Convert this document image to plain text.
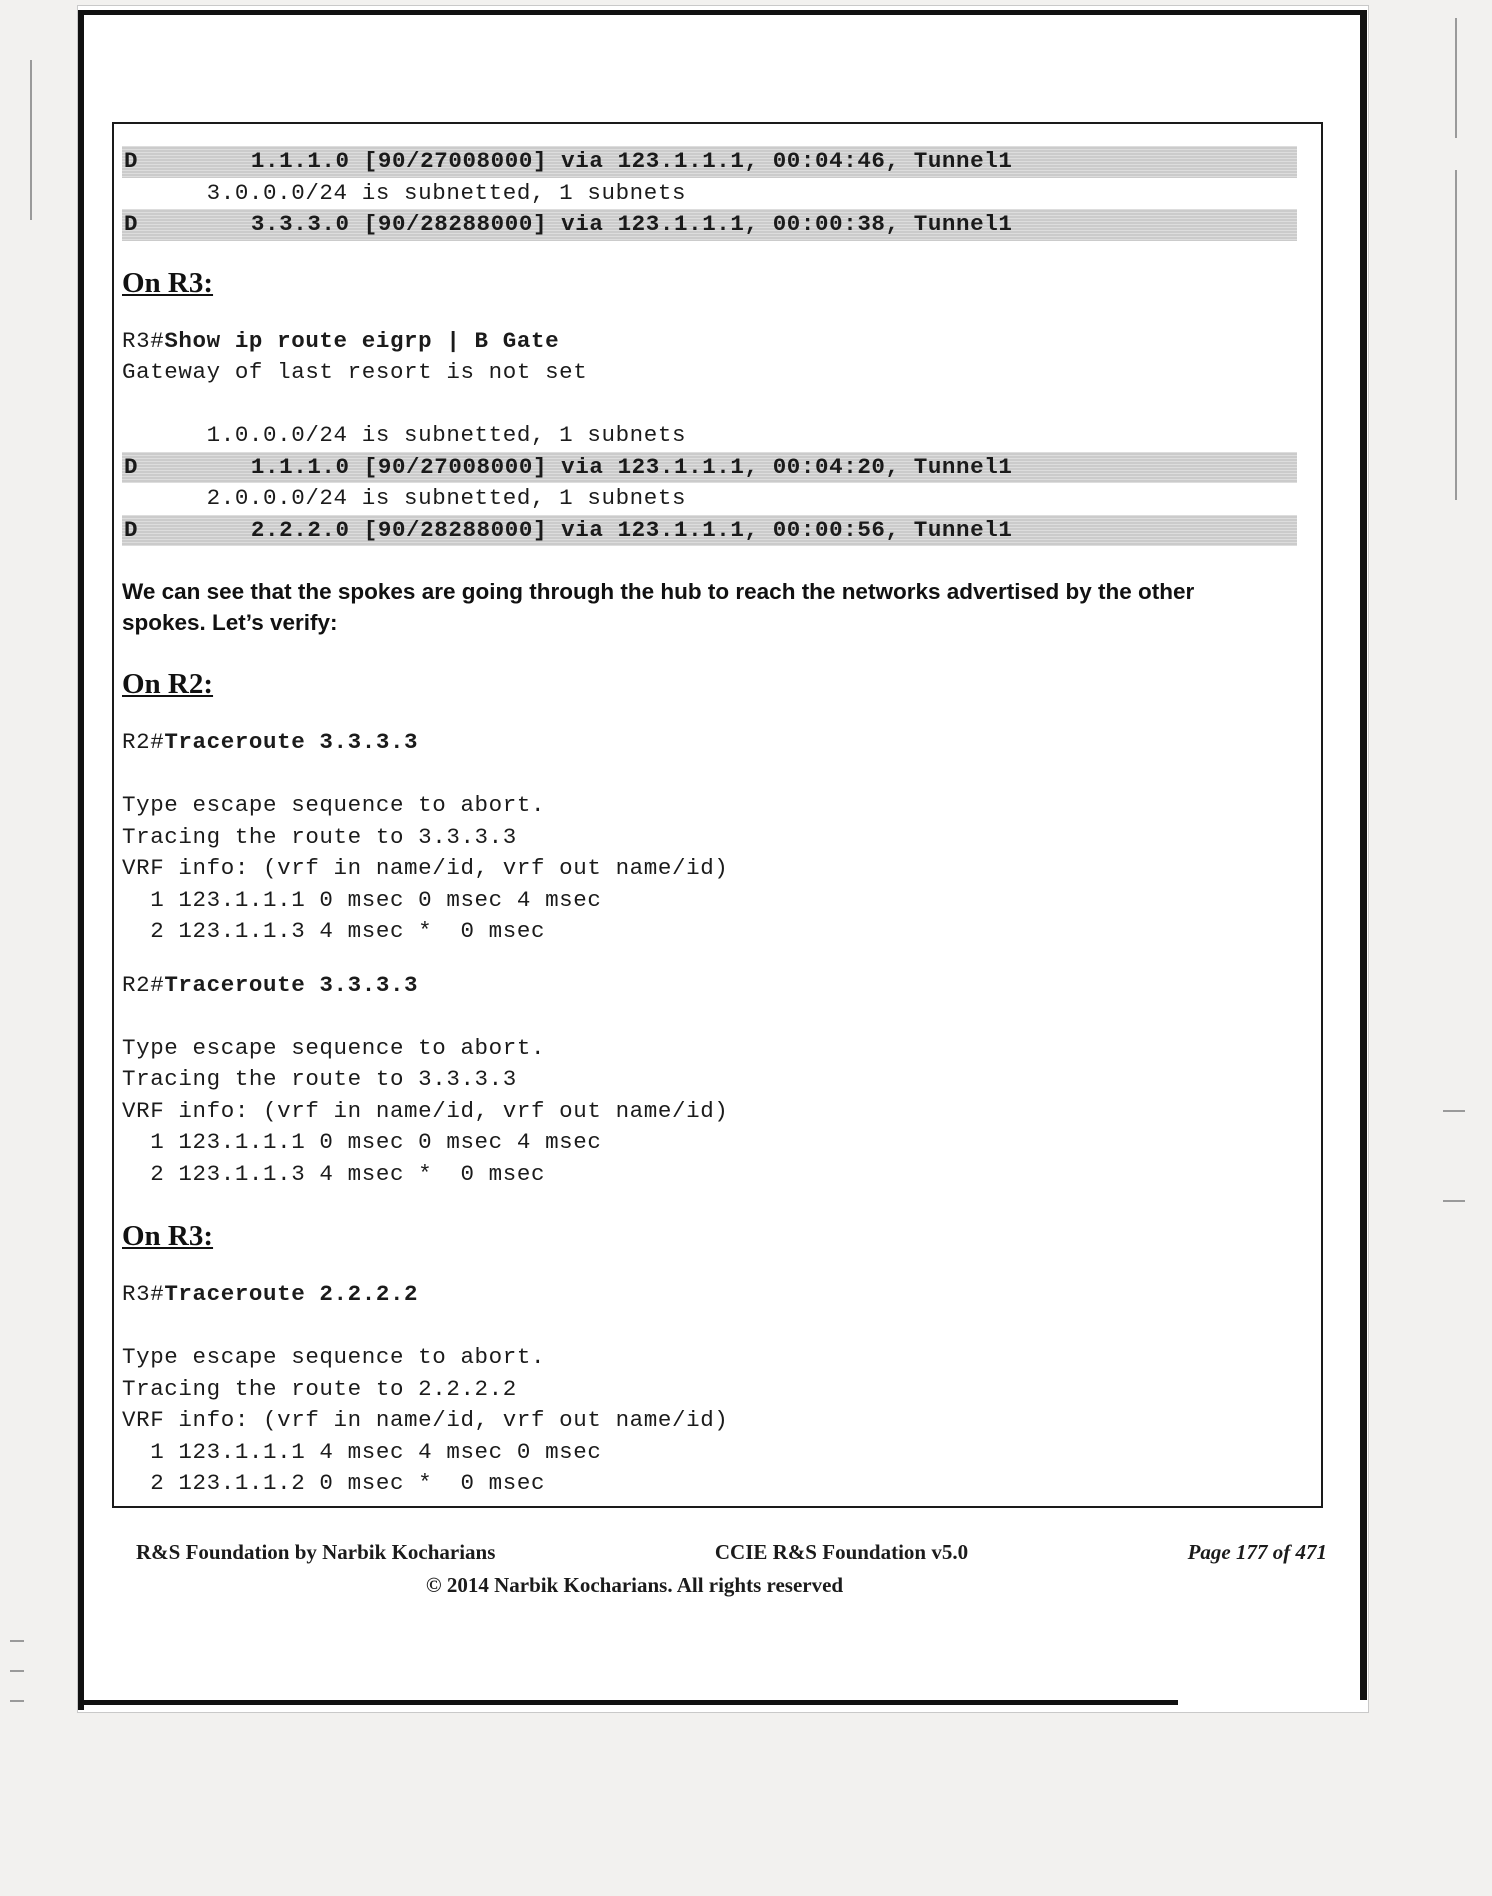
D        1.1.1.0 [90/27008000] via 123.1.1.1, 00:04:46, Tunnel1
3.0.0.0/24 is subnetted, 1 subnets

D        3.3.3.0 [90/28288000] via 123.1.1.1, 00:00:38, Tunnel1
On R3:
R3#Show ip route eigrp | B Gate
Gateway of last resort is not set

1.0.0.0/24 is subnetted, 1 subnets

D        1.1.1.0 [90/27008000] via 123.1.1.1, 00:04:20, Tunnel1
2.0.0.0/24 is subnetted, 1 subnets

D        2.2.2.0 [90/28288000] via 123.1.1.1, 00:00:56, Tunnel1

We can see that the spokes are going through the hub to reach the networks advertised by the other spokes. Let’s verify:

On R2:
R2#Traceroute 3.3.3.3

Type escape sequence to abort.
Tracing the route to 3.3.3.3
VRF info: (vrf in name/id, vrf out name/id)
1 123.1.1.1 0 msec 0 msec 4 msec
2 123.1.1.3 4 msec *  0 msec
R2#Traceroute 3.3.3.3

Type escape sequence to abort.
Tracing the route to 3.3.3.3
VRF info: (vrf in name/id, vrf out name/id)
1 123.1.1.1 0 msec 0 msec 4 msec
2 123.1.1.3 4 msec *  0 msec
On R3:
R3#Traceroute 2.2.2.2

Type escape sequence to abort.
Tracing the route to 2.2.2.2
VRF info: (vrf in name/id, vrf out name/id)
1 123.1.1.1 4 msec 4 msec 0 msec
2 123.1.1.2 0 msec *  0 msec
R&S Foundation by Narbik Kocharians	CCIE R&S Foundation v5.0	Page 177 of 471
© 2014 Narbik Kocharians. All rights reserved
